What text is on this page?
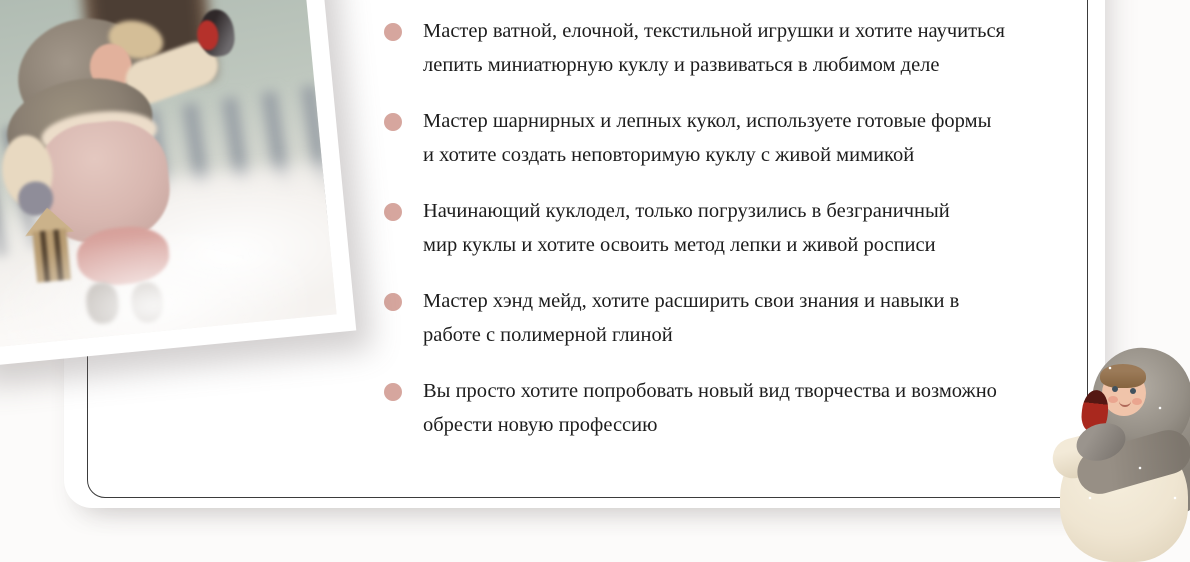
Мастер ватной, елочной, текстильной игрушки и хотите научиться
лепить миниатюрную куклу и развиваться в любимом деле
Мастер шарнирных и лепных кукол, используете готовые формы
и хотите создать неповторимую куклу с живой мимикой
Начинающий куклодел, только погрузились в безграничный
мир куклы и хотите освоить метод лепки и живой росписи
Мастер хэнд мейд, хотите расширить свои знания и навыки в
работе с полимерной глиной
Вы просто хотите попробовать новый вид творчества и возможно
обрести новую профессию
